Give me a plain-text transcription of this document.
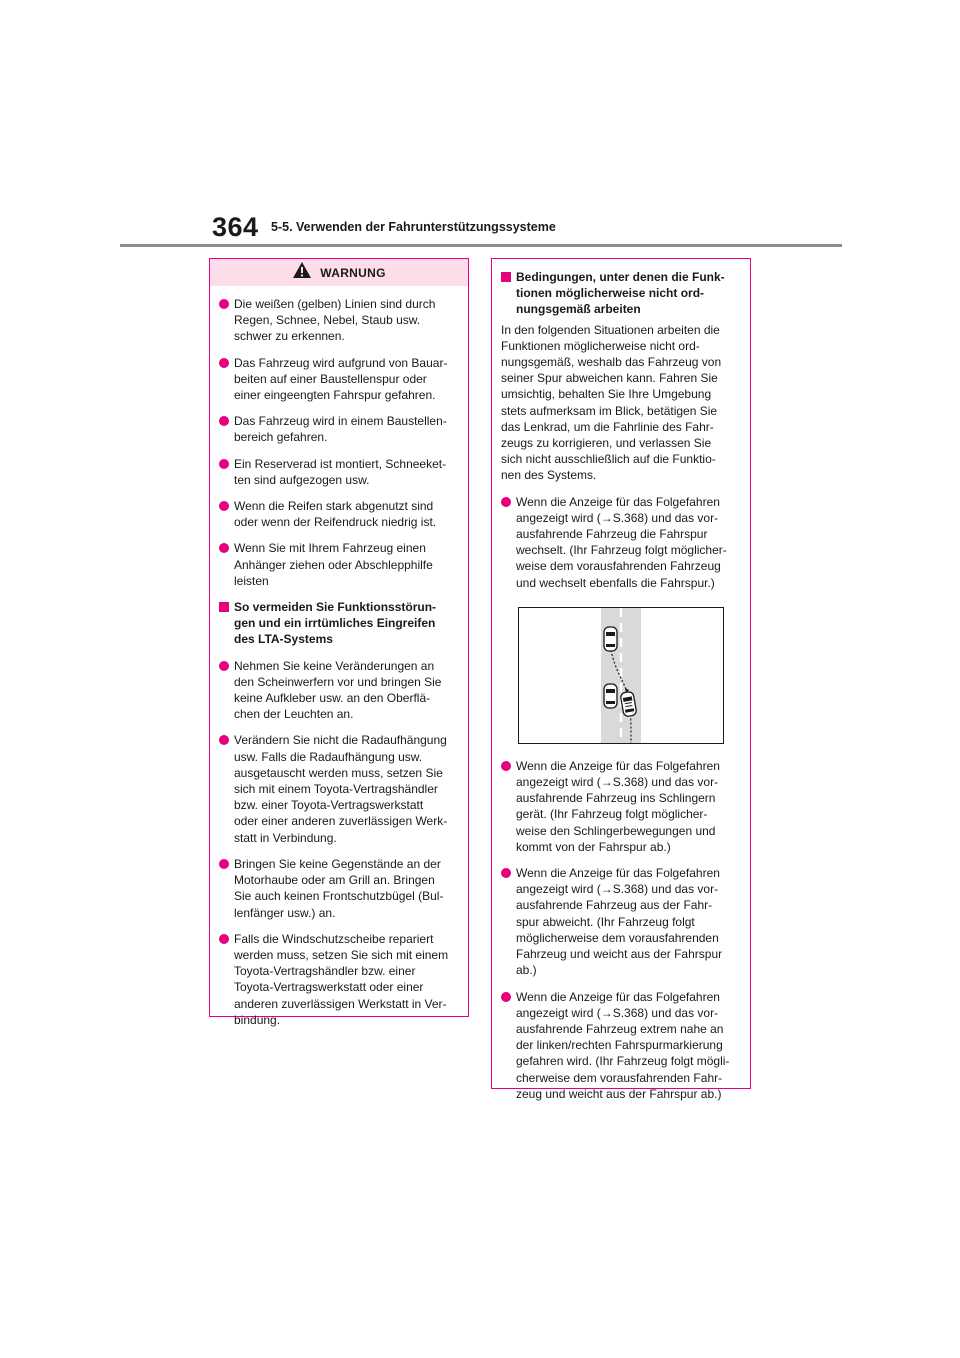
364 5-5. Verwenden der Fahrunterstützungssysteme
WARNUNG
Die weißen (gelben) Linien sind durch
Regen, Schnee, Nebel, Staub usw.
schwer zu erkennen.
Das Fahrzeug wird aufgrund von Bauar-
beiten auf einer Baustellenspur oder
einer eingeengten Fahrspur gefahren.
Das Fahrzeug wird in einem Baustellen-
bereich gefahren.
Ein Reserverad ist montiert, Schneeket-
ten sind aufgezogen usw.
Wenn die Reifen stark abgenutzt sind
oder wenn der Reifendruck niedrig ist.
Wenn Sie mit Ihrem Fahrzeug einen
Anhänger ziehen oder Abschlepphilfe
leisten
So vermeiden Sie Funktionsstörun-
gen und ein irrtümliches Eingreifen
des LTA-Systems
Nehmen Sie keine Veränderungen an
den Scheinwerfern vor und bringen Sie
keine Aufkleber usw. an den Oberflä-
chen der Leuchten an.
Verändern Sie nicht die Radaufhängung
usw. Falls die Radaufhängung usw.
ausgetauscht werden muss, setzen Sie
sich mit einem Toyota-Vertragshändler
bzw. einer Toyota-Vertragswerkstatt
oder einer anderen zuverlässigen Werk-
statt in Verbindung.
Bringen Sie keine Gegenstände an der
Motorhaube oder am Grill an. Bringen
Sie auch keinen Frontschutzbügel (Bul-
lenfänger usw.) an.
Falls die Windschutzscheibe repariert
werden muss, setzen Sie sich mit einem
Toyota-Vertragshändler bzw. einer
Toyota-Vertragswerkstatt oder einer
anderen zuverlässigen Werkstatt in Ver-
bindung.
Bedingungen, unter denen die Funk-
tionen möglicherweise nicht ord-
nungsgemäß arbeiten
In den folgenden Situationen arbeiten die
Funktionen möglicherweise nicht ord-
nungsgemäß, weshalb das Fahrzeug von
seiner Spur abweichen kann. Fahren Sie
umsichtig, behalten Sie Ihre Umgebung
stets aufmerksam im Blick, betätigen Sie
das Lenkrad, um die Fahrlinie des Fahr-
zeugs zu korrigieren, und verlassen Sie
sich nicht ausschließlich auf die Funktio-
nen des Systems.
Wenn die Anzeige für das Folgefahren
angezeigt wird (→S.368) und das vor-
ausfahrende Fahrzeug die Fahrspur
wechselt. (Ihr Fahrzeug folgt möglicher-
weise dem vorausfahrenden Fahrzeug
und wechselt ebenfalls die Fahrspur.)
Wenn die Anzeige für das Folgefahren
angezeigt wird (→S.368) und das vor-
ausfahrende Fahrzeug ins Schlingern
gerät. (Ihr Fahrzeug folgt möglicher-
weise den Schlingerbewegungen und
kommt von der Fahrspur ab.)
Wenn die Anzeige für das Folgefahren
angezeigt wird (→S.368) und das vor-
ausfahrende Fahrzeug aus der Fahr-
spur abweicht. (Ihr Fahrzeug folgt
möglicherweise dem vorausfahrenden
Fahrzeug und weicht aus der Fahrspur
ab.)
Wenn die Anzeige für das Folgefahren
angezeigt wird (→S.368) und das vor-
ausfahrende Fahrzeug extrem nahe an
der linken/rechten Fahrspurmarkierung
gefahren wird. (Ihr Fahrzeug folgt mögli-
cherweise dem vorausfahrenden Fahr-
zeug und weicht aus der Fahrspur ab.)
